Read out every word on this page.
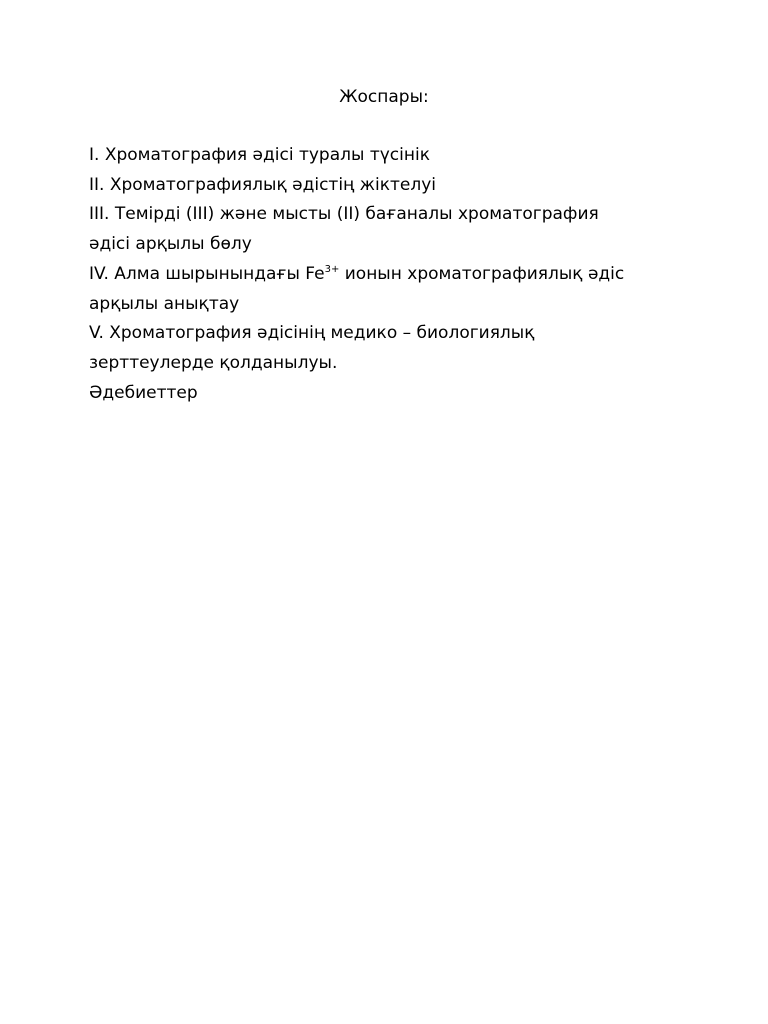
Жоспары:
I. Хроматография әдісі туралы түсінік
II. Хроматографиялық әдістің жіктелуі
III. Темірді (ІІІ) және мысты (ІІ) бағаналы хроматография
әдісі арқылы бөлу
IV. Алма шырынындағы $Fe^{3+}$ ионын хроматографиялық әдіс
арқылы анықтау
V. Хроматография әдісінің медико – биологиялық
зерттеулерде қолданылуы.
Әдебиеттер
